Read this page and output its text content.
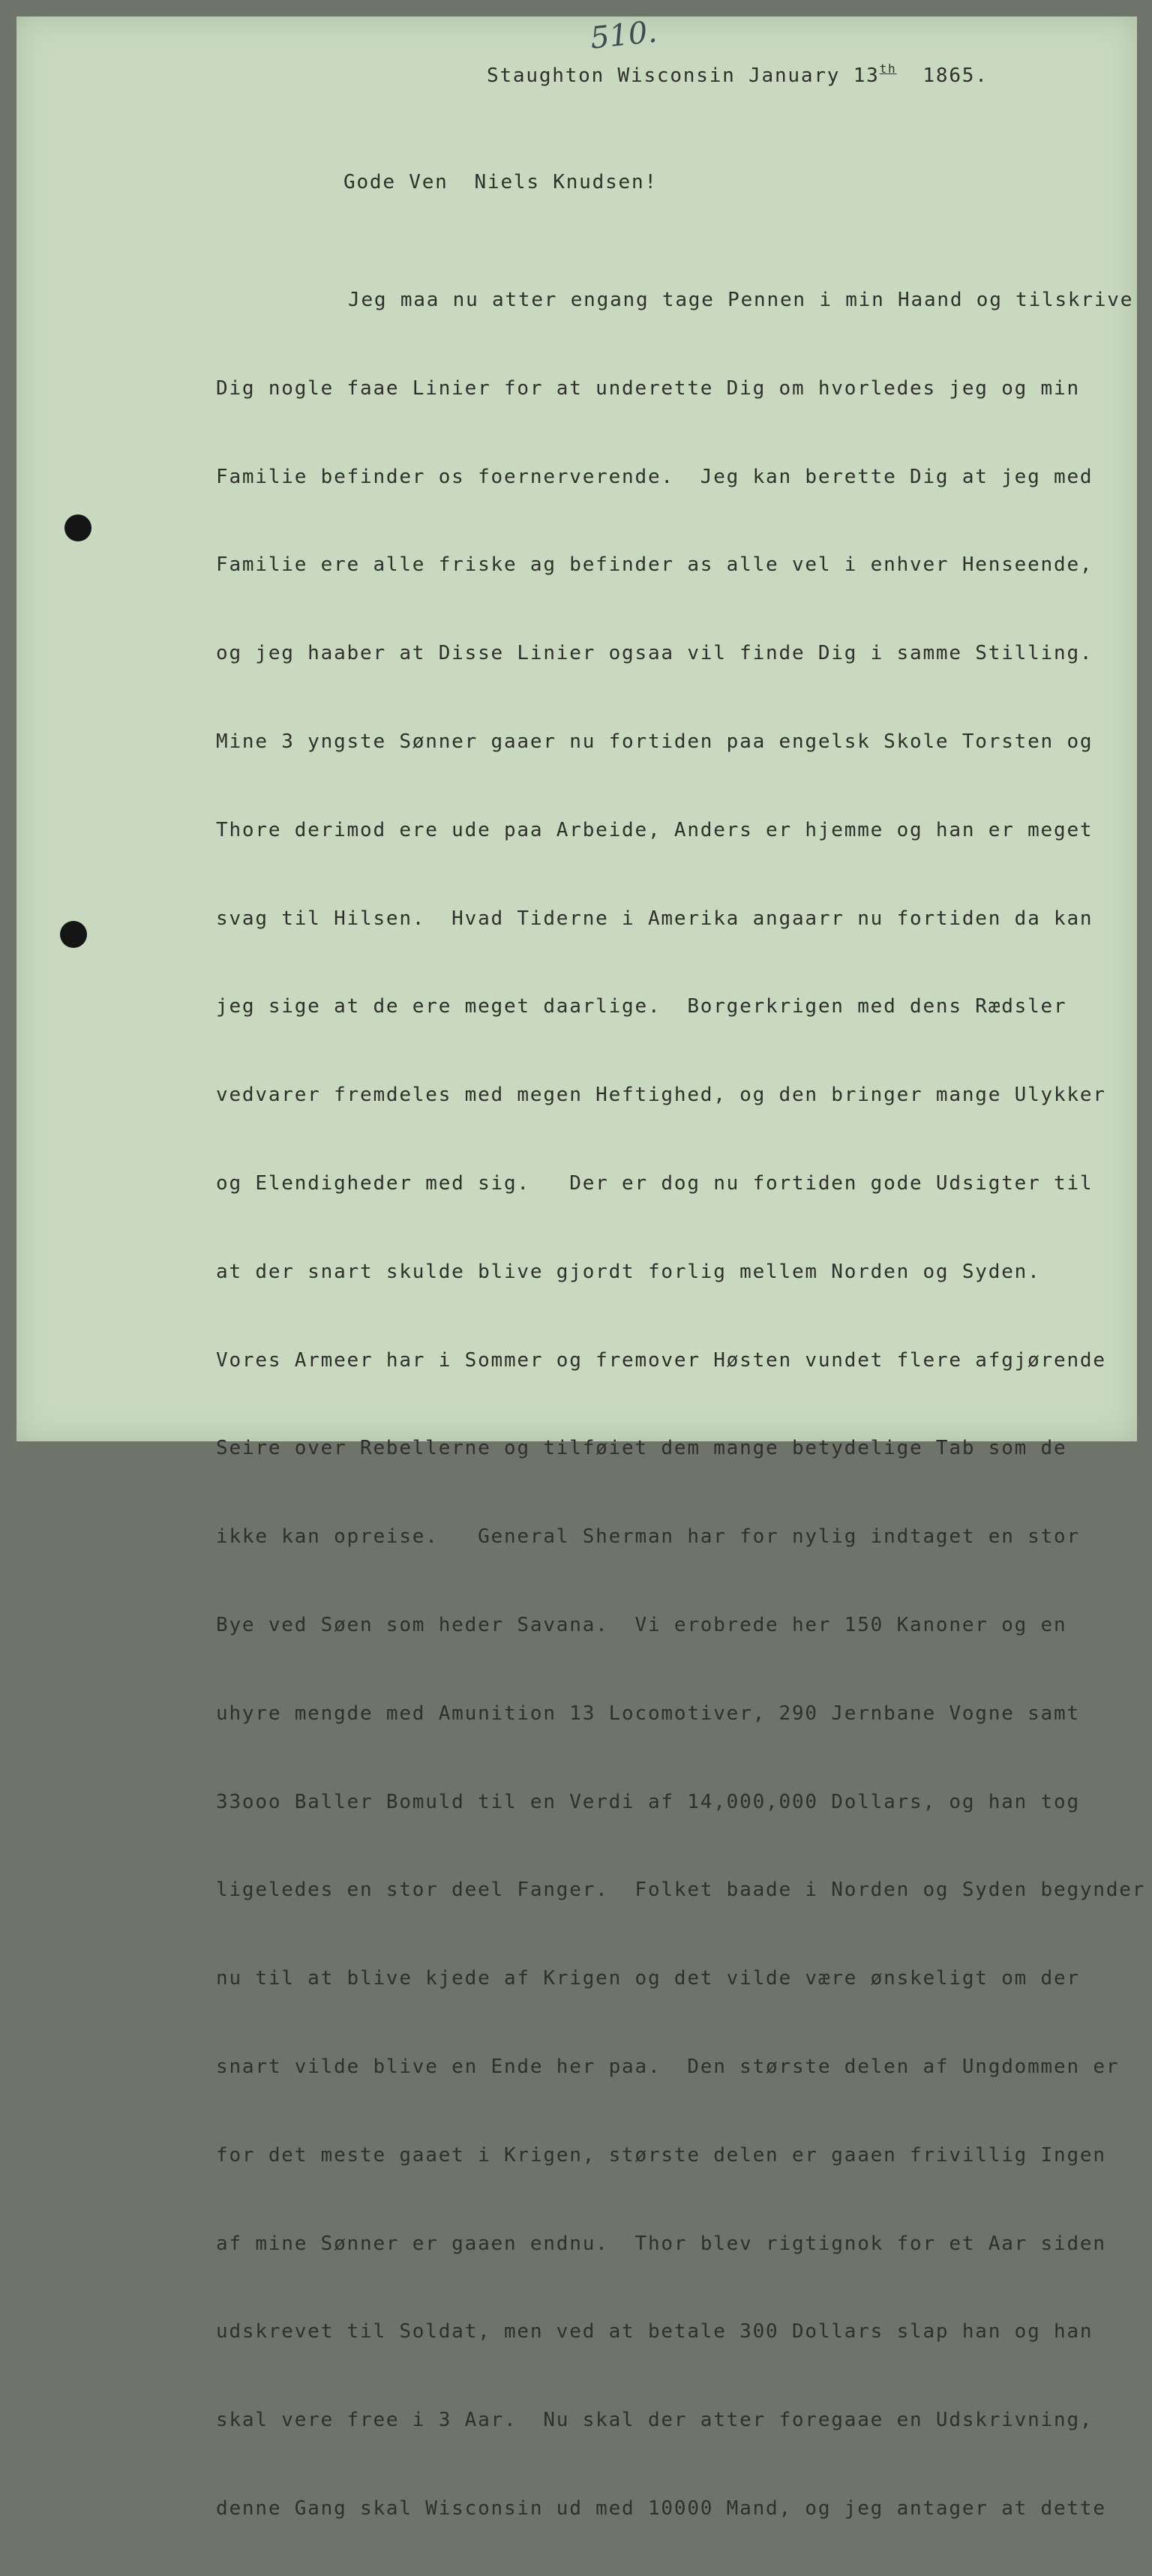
510.
Staughton Wisconsin January 13th 1865.
Gode Ven  Niels Knudsen!

Jeg maa nu atter engang tage Pennen i min Haand og tilskrive

Dig nogle faae Linier for at underette Dig om hvorledes jeg og min

Familie befinder os foernerverende.  Jeg kan berette Dig at jeg med

Familie ere alle friske ag befinder as alle vel i enhver Henseende,

og jeg haaber at Disse Linier ogsaa vil finde Dig i samme Stilling.

Mine 3 yngste Sønner gaaer nu fortiden paa engelsk Skole Torsten og

Thore derimod ere ude paa Arbeide, Anders er hjemme og han er meget

svag til Hilsen.  Hvad Tiderne i Amerika angaarr nu fortiden da kan

jeg sige at de ere meget daarlige.  Borgerkrigen med dens Rædsler

vedvarer fremdeles med megen Heftighed, og den bringer mange Ulykker

og Elendigheder med sig.   Der er dog nu fortiden gode Udsigter til

at der snart skulde blive gjordt forlig mellem Norden og Syden.

Vores Armeer har i Sommer og fremover Høsten vundet flere afgjørende

Seire over Rebellerne og tilføiet dem mange betydelige Tab som de

ikke kan opreise.   General Sherman har for nylig indtaget en stor

Bye ved Søen som heder Savana.  Vi erobrede her 150 Kanoner og en

uhyre mengde med Amunition 13 Locomotiver, 290 Jernbane Vogne samt

33ooo Baller Bomuld til en Verdi af 14,000,000 Dollars, og han tog

ligeledes en stor deel Fanger.  Folket baade i Norden og Syden begynder

nu til at blive kjede af Krigen og det vilde være ønskeligt om der

snart vilde blive en Ende her paa.  Den største delen af Ungdommen er

for det meste gaaet i Krigen, største delen er gaaen frivillig Ingen

af mine Sønner er gaaen endnu.  Thor blev rigtignok for et Aar siden

udskrevet til Soldat, men ved at betale 300 Dollars slap han og han

skal vere free i 3 Aar.  Nu skal der atter foregaae en Udskrivning,

denne Gang skal Wisconsin ud med 10000 Mand, og jeg antager at dette
